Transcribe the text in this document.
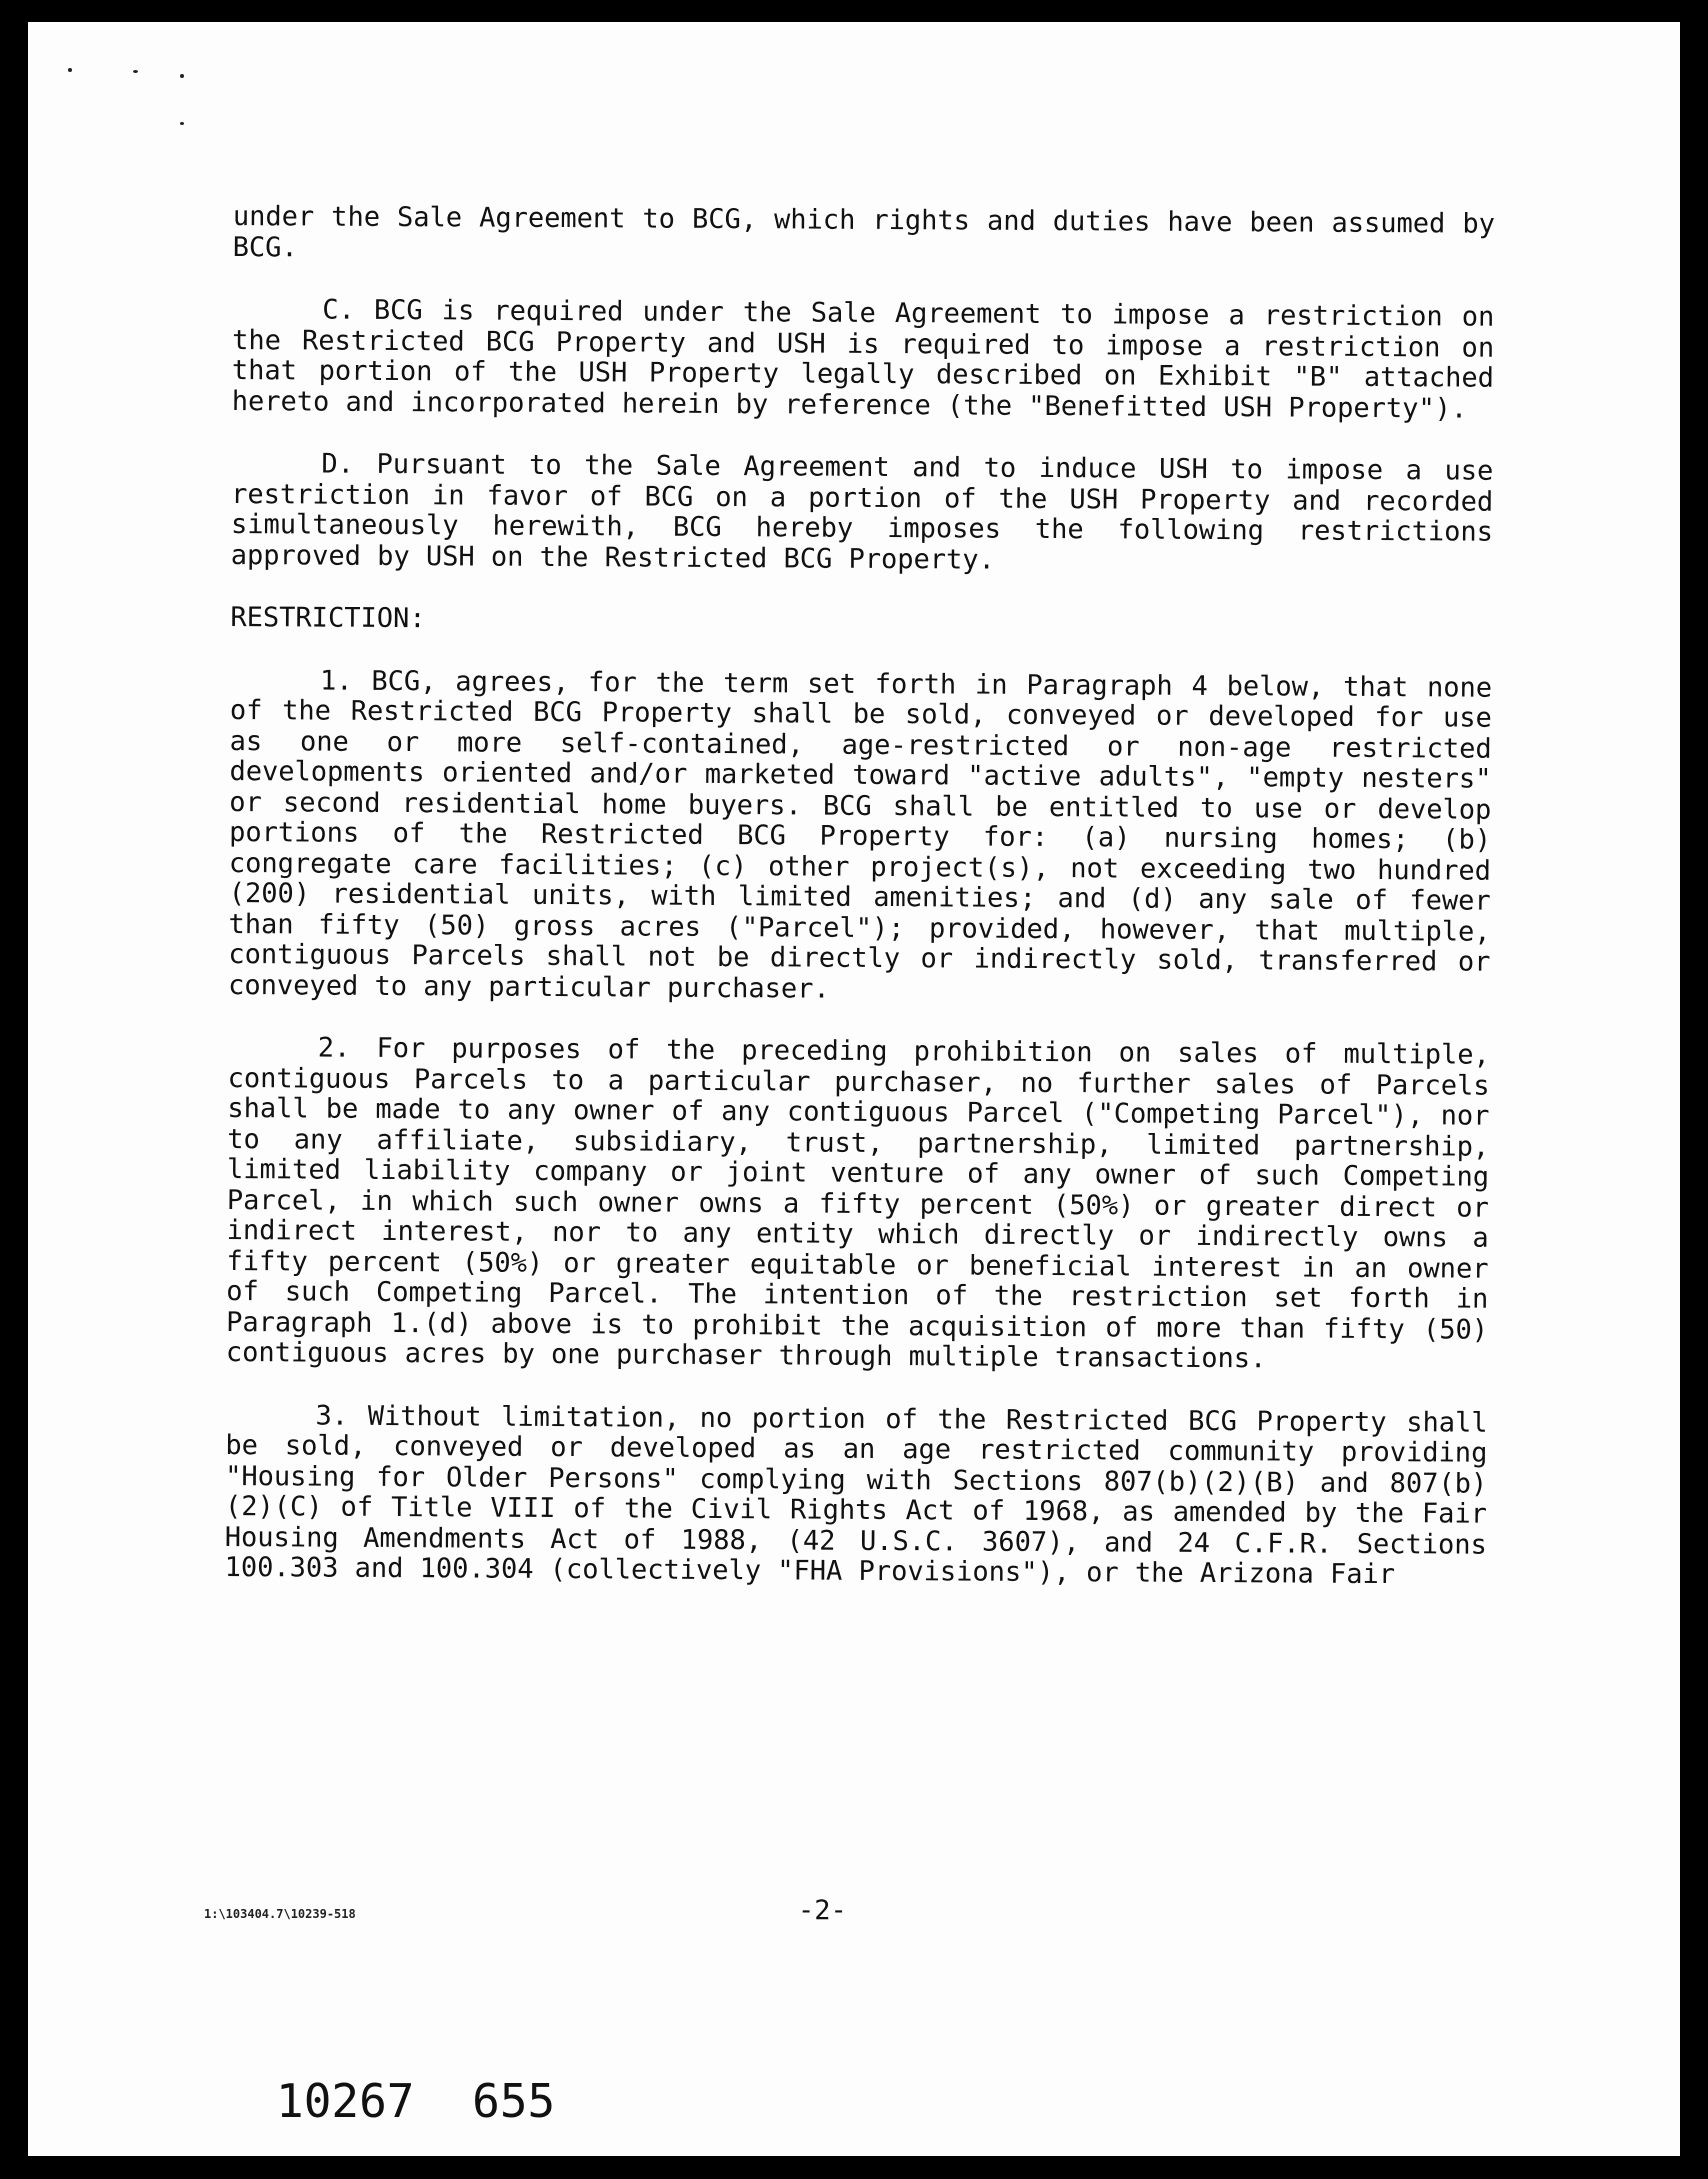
under the Sale Agreement to BCG, which rights and duties have been assumed by BCG.

C. BCG is required under the Sale Agreement to impose a restriction on the Restricted BCG Property and USH is required to impose a restriction on that portion of the USH Property legally described on Exhibit "B" attached hereto and incorporated herein by reference (the "Benefitted USH Property").

D. Pursuant to the Sale Agreement and to induce USH to impose a use restriction in favor of BCG on a portion of the USH Property and recorded simultaneously herewith, BCG hereby imposes the following restrictions approved by USH on the Restricted BCG Property.

RESTRICTION:

1. BCG, agrees, for the term set forth in Paragraph 4 below, that none of the Restricted BCG Property shall be sold, conveyed or developed for use as one or more self-contained, age-restricted or non-age restricted developments oriented and/or marketed toward "active adults", "empty nesters" or second residential home buyers. BCG shall be entitled to use or develop portions of the Restricted BCG Property for: (a) nursing homes; (b) congregate care facilities; (c) other project(s), not exceeding two hundred (200) residential units, with limited amenities; and (d) any sale of fewer than fifty (50) gross acres ("Parcel"); provided, however, that multiple, contiguous Parcels shall not be directly or indirectly sold, transferred or conveyed to any particular purchaser.

2. For purposes of the preceding prohibition on sales of multiple, contiguous Parcels to a particular purchaser, no further sales of Parcels shall be made to any owner of any contiguous Parcel ("Competing Parcel"), nor to any affiliate, subsidiary, trust, partnership, limited partnership, limited liability company or joint venture of any owner of such Competing Parcel, in which such owner owns a fifty percent (50%) or greater direct or indirect interest, nor to any entity which directly or indirectly owns a fifty percent (50%) or greater equitable or beneficial interest in an owner of such Competing Parcel. The intention of the restriction set forth in Paragraph 1.(d) above is to prohibit the acquisition of more than fifty (50) contiguous acres by one purchaser through multiple transactions.

3. Without limitation, no portion of the Restricted BCG Property shall be sold, conveyed or developed as an age restricted community providing "Housing for Older Persons" complying with Sections 807(b)(2)(B) and 807(b)(2)(C) of Title VIII of the Civil Rights Act of 1968, as amended by the Fair Housing Amendments Act of 1988, (42 U.S.C. 3607), and 24 C.F.R. Sections 100.303 and 100.304 (collectively "FHA Provisions"), or the Arizona Fair

1:\103404.7\10239-518	-2-
10267 655
